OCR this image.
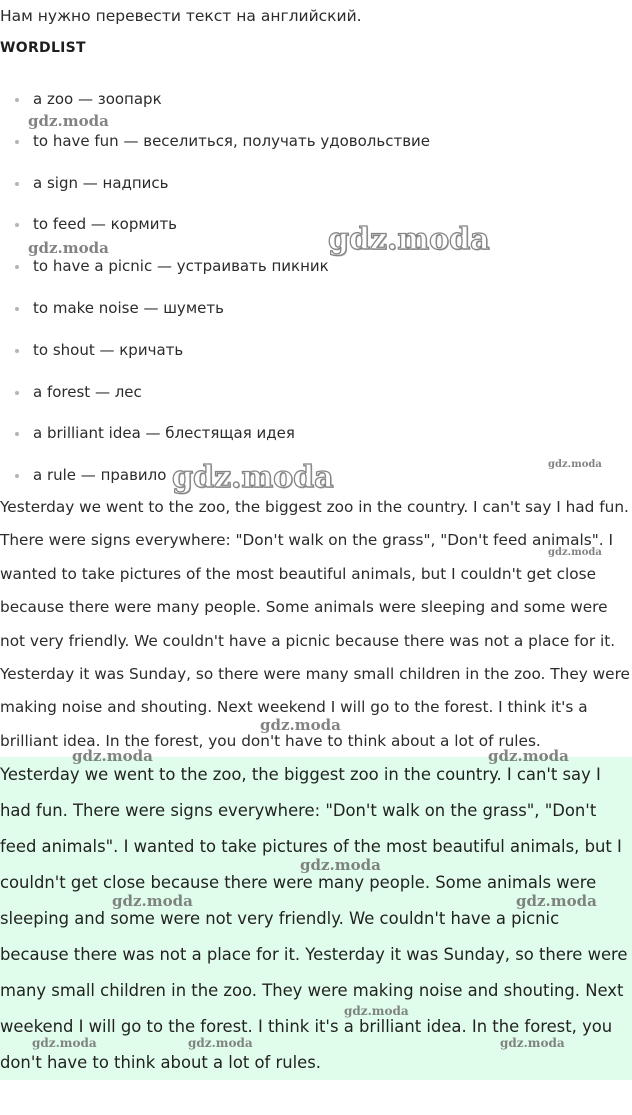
Нам нужно перевести текст на английский.
WORDLIST
a zoo — зоопарк
to have fun — веселиться, получать удовольствие
a sign — надпись
to feed — кормить
to have a picnic — устраивать пикник
to make noise — шуметь
to shout — кричать
a forest — лес
a brilliant idea — блестящая идея
a rule — правило

Yesterday we went to the zoo, the biggest zoo in the country. I can't say I had fun. There were signs everywhere: "Don't walk on the grass", "Don't feed animals". I wanted to take pictures of the most beautiful animals, but I couldn't get close because there were many people. Some animals were sleeping and some were not very friendly. We couldn't have a picnic because there was not a place for it. Yesterday it was Sunday, so there were many small children in the zoo. They were making noise and shouting. Next weekend I will go to the forest. I think it's a brilliant idea. In the forest, you don't have to think about a lot of rules.

Yesterday we went to the zoo, the biggest zoo in the country. I can't say I had fun. There were signs everywhere: "Don't walk on the grass", "Don't feed animals". I wanted to take pictures of the most beautiful animals, but I couldn't get close because there were many people. Some animals were sleeping and some were not very friendly. We couldn't have a picnic because there was not a place for it. Yesterday it was Sunday, so there were many small children in the zoo. They were making noise and shouting. Next weekend I will go to the forest. I think it's a brilliant idea. In the forest, you don't have to think about a lot of rules.

gdz.moda
gdz.moda	gdz.moda
gdz.moda	gdz.moda
gdz.moda
gdz.moda
gdz.moda	gdz.moda
gdz.moda
gdz.moda	gdz.moda
gdz.moda
gdz.moda	gdz.moda	gdz.moda
